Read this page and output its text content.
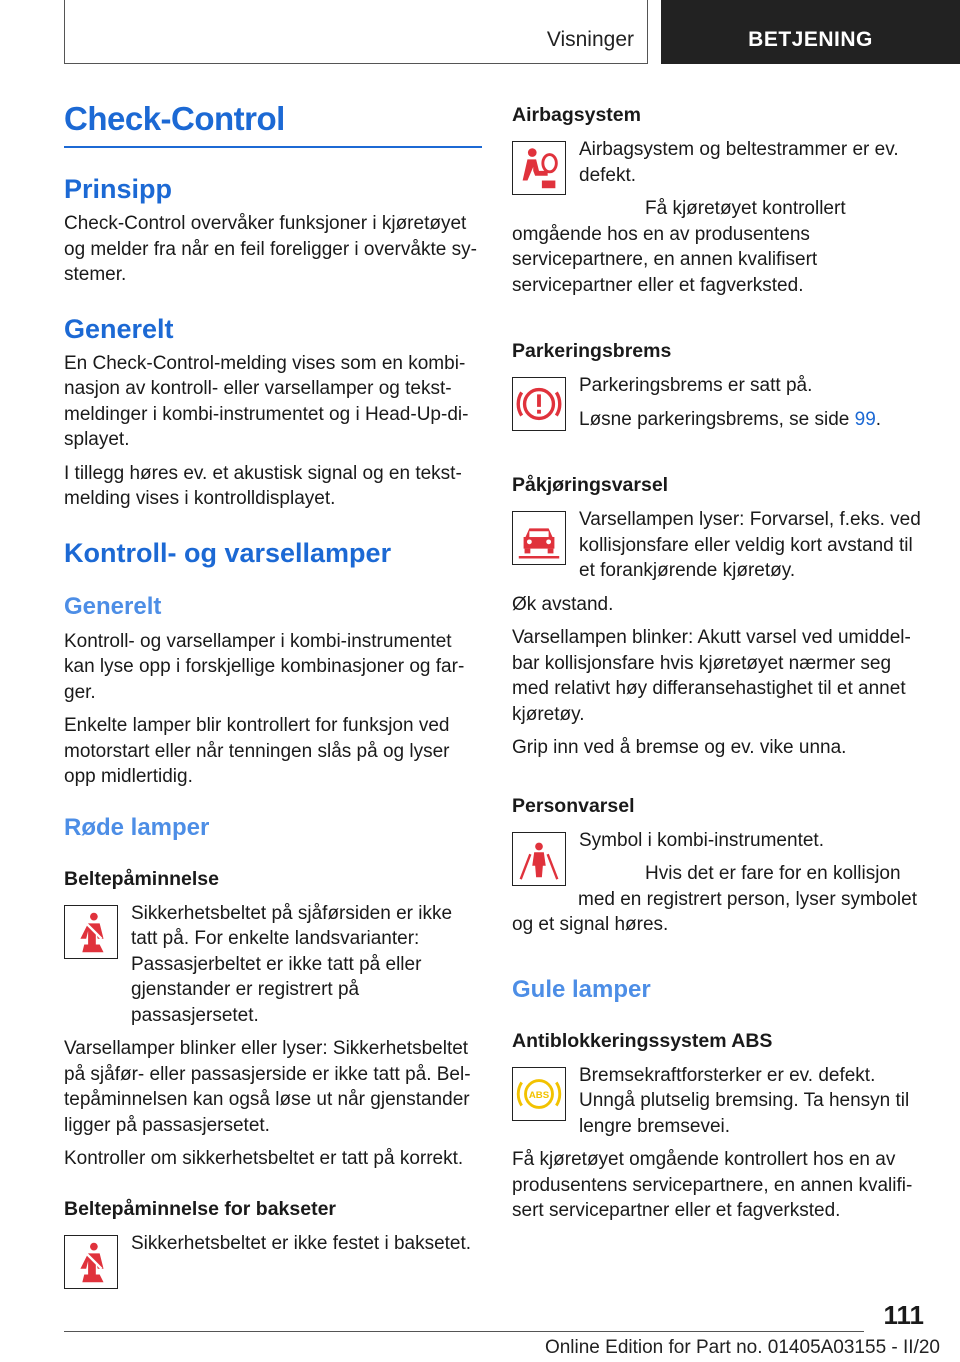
Visninger	BETJENING
Check-Control
Prinsipp

Check-Control overvåker funksjoner i kjøretøyet og melder fra når en feil foreligger i overvåkte systemer.

Generelt

En Check-Control-melding vises som en kombinasjon av kontroll- eller varsellamper og tekstmeldinger i kombi-instrumentet og i Head-Up-displayet.

I tillegg høres ev. et akustisk signal og en tekstmelding vises i kontrolldisplayet.

Kontroll- og varsellamper
Generelt

Kontroll- og varsellamper i kombi-instrumentet kan lyse opp i forskjellige kombinasjoner og farger.

Enkelte lamper blir kontrollert for funksjon ved motorstart eller når tenningen slås på og lyser opp midlertidig.

Røde lamper
Beltepåminnelse

Sikkerhetsbeltet på sjåførsiden er ikke tatt på. For enkelte landsvarianter: Passasjerbeltet er ikke tatt på eller gjenstander er registrert på passasjersetet.

Varsellamper blinker eller lyser: Sikkerhetsbeltet på sjåfør- eller passasjerside er ikke tatt på. Beltepåminnelsen kan også løse ut når gjenstander ligger på passasjersetet.

Kontroller om sikkerhetsbeltet er tatt på korrekt.

Beltepåminnelse for bakseter

Sikkerhetsbeltet er ikke festet i baksetet.

Airbagsystem

Airbagsystem og beltestrammer er ev. defekt.

Få kjøretøyet kontrollert omgående hos en av produsentens servicepartnere, en annen kvalifisert servicepartner eller et fagverksted.

Parkeringsbrems

Parkeringsbrems er satt på.

Løsne parkeringsbrems, se side 99.

Påkjøringsvarsel

Varsellampen lyser: Forvarsel, f.eks. ved kollisjonsfare eller veldig kort avstand til et forankjørende kjøretøy.

Øk avstand.

Varsellampen blinker: Akutt varsel ved umiddelbar kollisjonsfare hvis kjøretøyet nærmer seg med relativt høy differansehastighet til et annet kjøretøy.

Grip inn ved å bremse og ev. vike unna.

Personvarsel

Symbol i kombi-instrumentet.

Hvis det er fare for en kollisjon med en registrert person, lyser symbolet og et signal høres.

Gule lamper
Antiblokkeringssystem ABS
ABS

Bremsekraftforsterker er ev. defekt. Unngå plutselig bremsing. Ta hensyn til lengre bremsevei.

Få kjøretøyet omgående kontrollert hos en av produsentens servicepartnere, en annen kvalifisert servicepartner eller et fagverksted.

111
Online Edition for Part no. 01405A03155 - II/20
